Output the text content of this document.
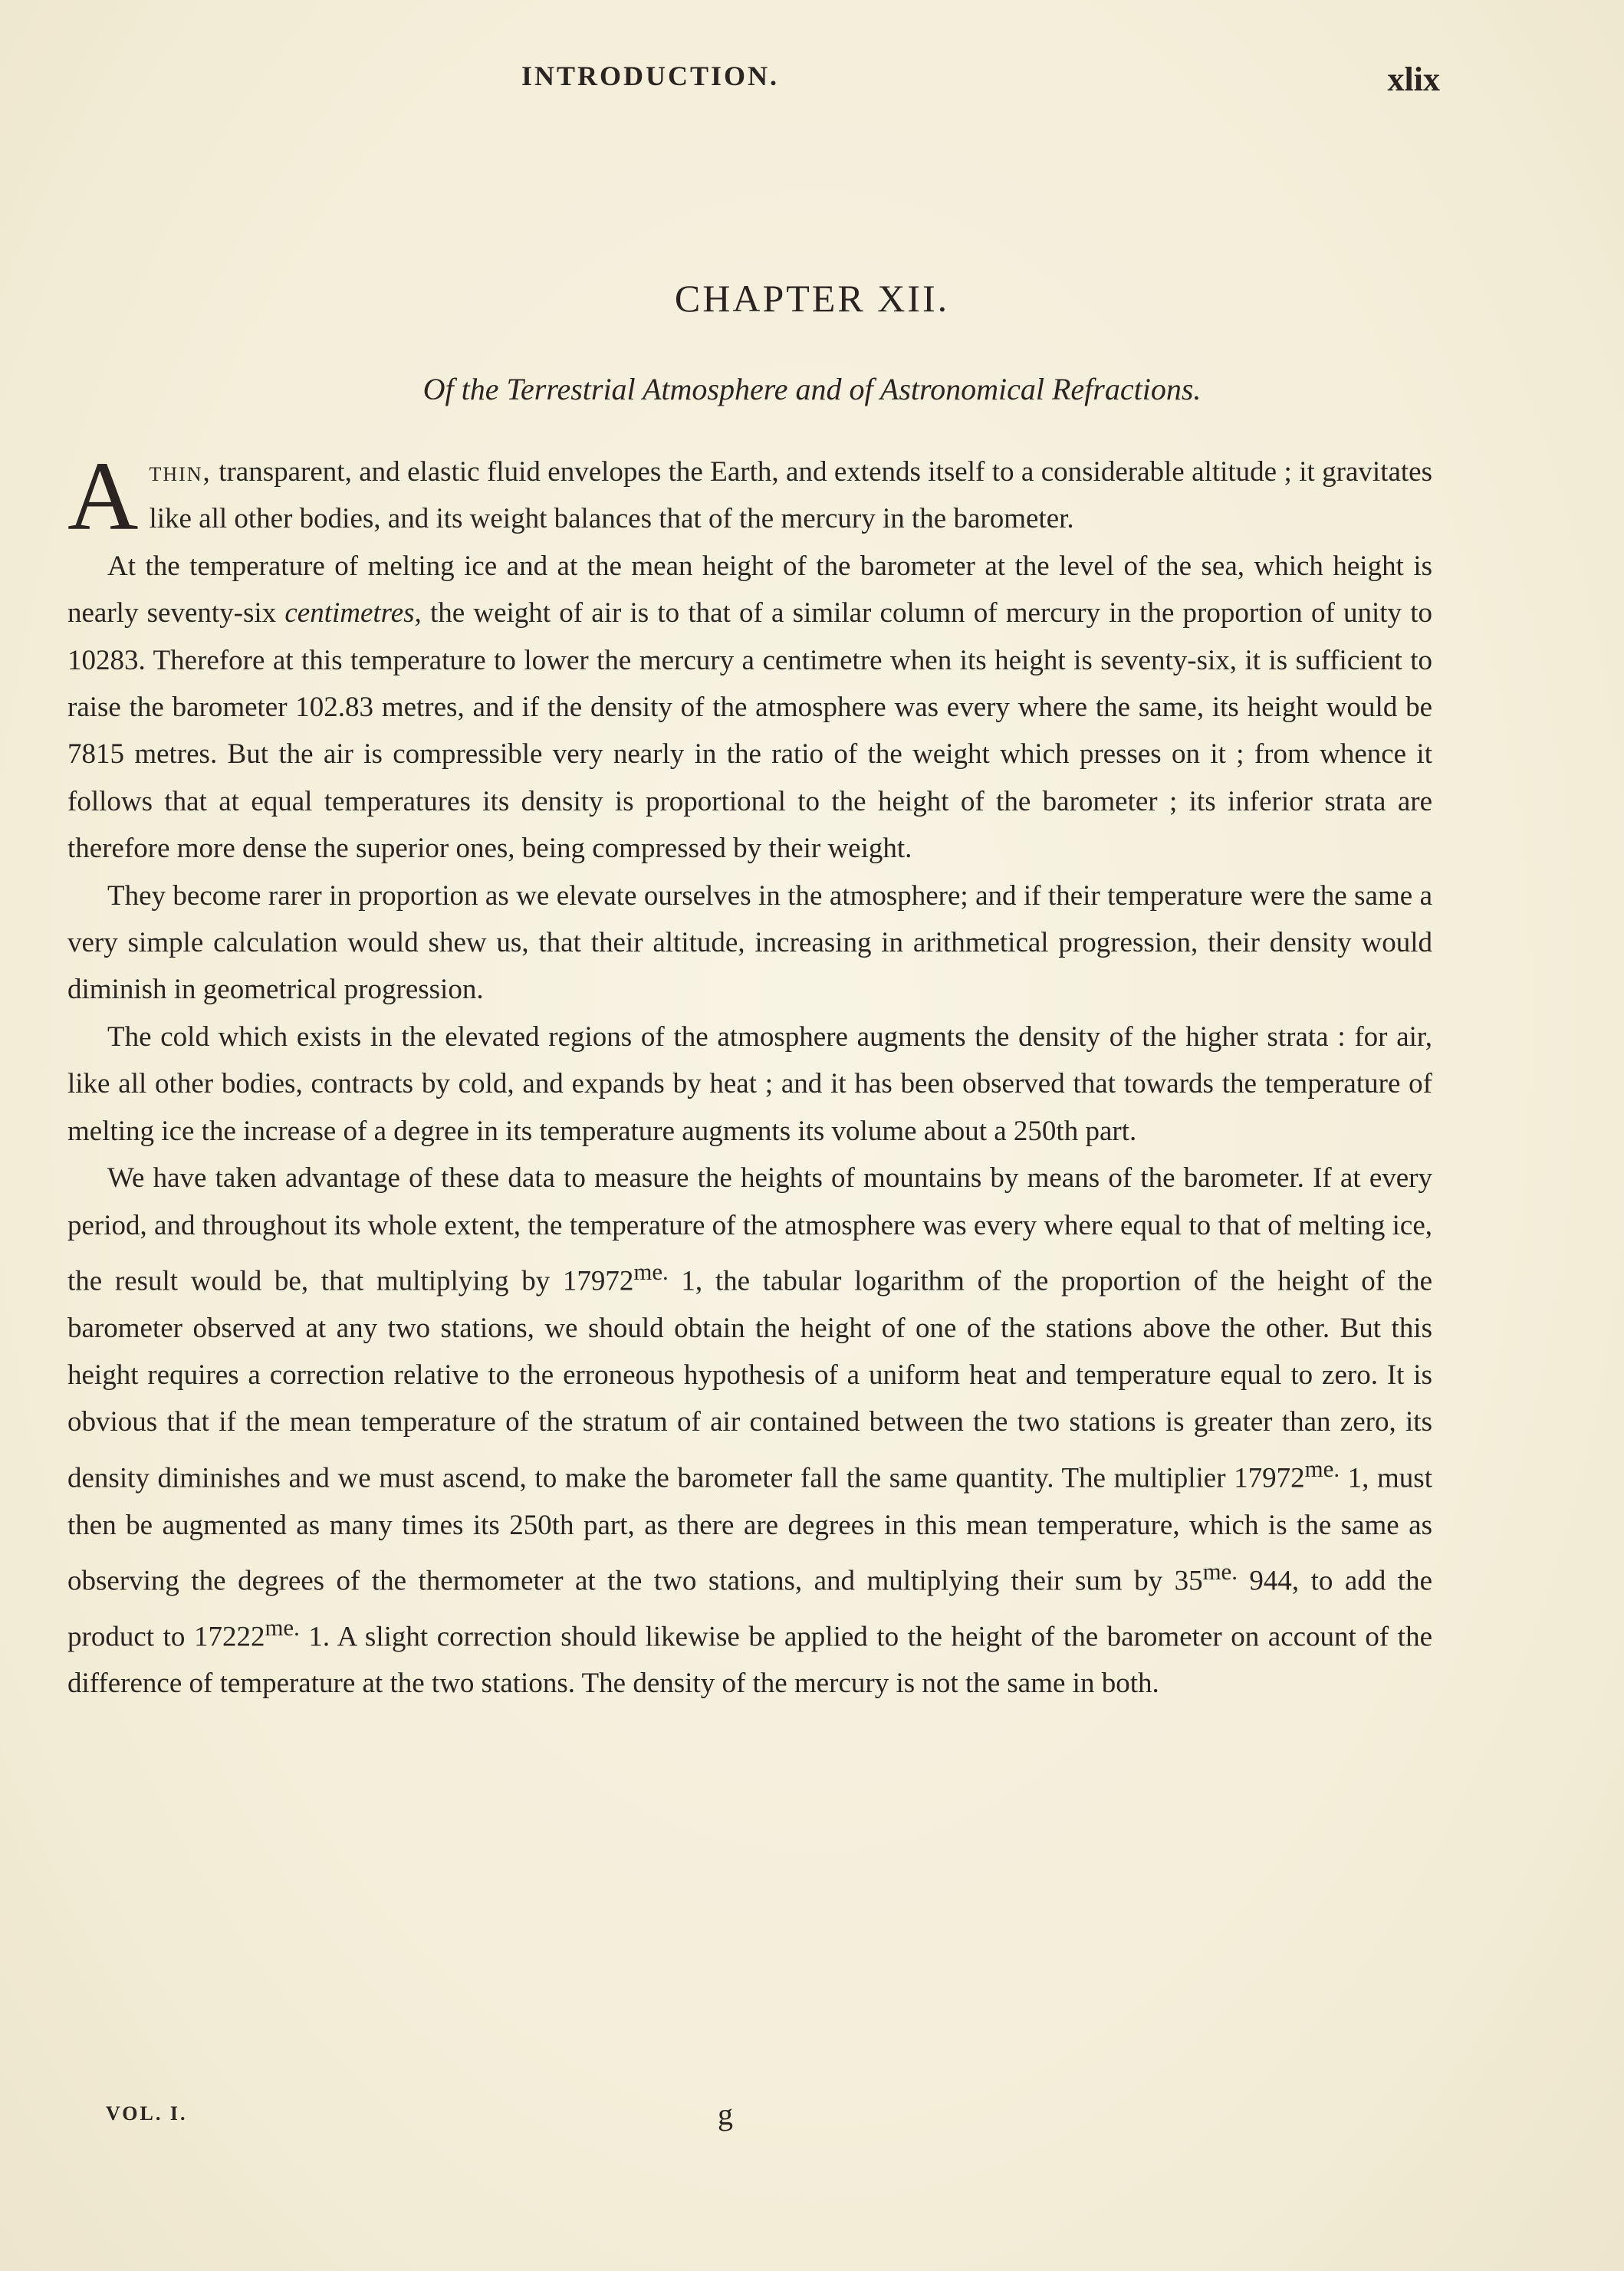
INTRODUCTION.	xlix
CHAPTER XII.
Of the Terrestrial Atmosphere and of Astronomical Refractions.

Athin, transparent, and elastic fluid envelopes the Earth, and extends itself to a considerable altitude ; it gravitates like all other bodies, and its weight balances that of the mercury in the barometer.

At the temperature of melting ice and at the mean height of the barometer at the level of the sea, which height is nearly seventy-six centimetres, the weight of air is to that of a similar column of mercury in the proportion of unity to 10283. Therefore at this temperature to lower the mercury a centimetre when its height is seventy-six, it is sufficient to raise the barometer 102.83 metres, and if the density of the atmosphere was every where the same, its height would be 7815 metres. But the air is compressible very nearly in the ratio of the weight which presses on it ; from whence it follows that at equal temperatures its density is proportional to the height of the barometer ; its inferior strata are therefore more dense the superior ones, being compressed by their weight.

They become rarer in proportion as we elevate ourselves in the atmosphere; and if their temperature were the same a very simple calculation would shew us, that their altitude, increasing in arithmetical progression, their density would diminish in geometrical progression.

The cold which exists in the elevated regions of the atmosphere augments the density of the higher strata : for air, like all other bodies, contracts by cold, and expands by heat ; and it has been observed that towards the temperature of melting ice the increase of a degree in its temperature augments its volume about a 250th part.

We have taken advantage of these data to measure the heights of mountains by means of the barometer. If at every period, and throughout its whole extent, the temperature of the atmosphere was every where equal to that of melting ice, the result would be, that multiplying by $17972^{me.}$ 1, the tabular logarithm of the proportion of the height of the barometer observed at any two stations, we should obtain the height of one of the stations above the other. But this height requires a correction relative to the erroneous hypothesis of a uniform heat and temperature equal to zero. It is obvious that if the mean temperature of the stratum of air contained between the two stations is greater than zero, its density diminishes and we must ascend, to make the barometer fall the same quantity. The multiplier $17972^{me.}$ 1, must then be augmented as many times its 250th part, as there are degrees in this mean temperature, which is the same as observing the degrees of the thermometer at the two stations, and multiplying their sum by $35^{me.}$ 944, to add the product to $17222^{me.}$ 1. A slight correction should likewise be applied to the height of the barometer on account of the difference of temperature at the two stations. The density of the mercury is not the same in both.

VOL. I.	g
